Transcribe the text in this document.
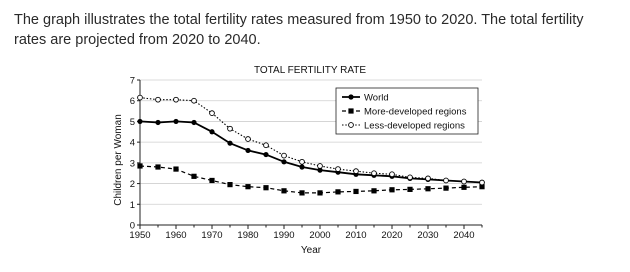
The graph illustrates the total fertility rates measured from 1950 to 2020. The total fertility rates are projected from 2020 to 2040.
TOTAL FERTILITY RATE
Children per Woman
Year
0
1
2
3
4
5
6
7
1950 1960 1970 1980 1990 2000 2010 2020 2030 2040
World
More-developed regions
Less-developed regions
